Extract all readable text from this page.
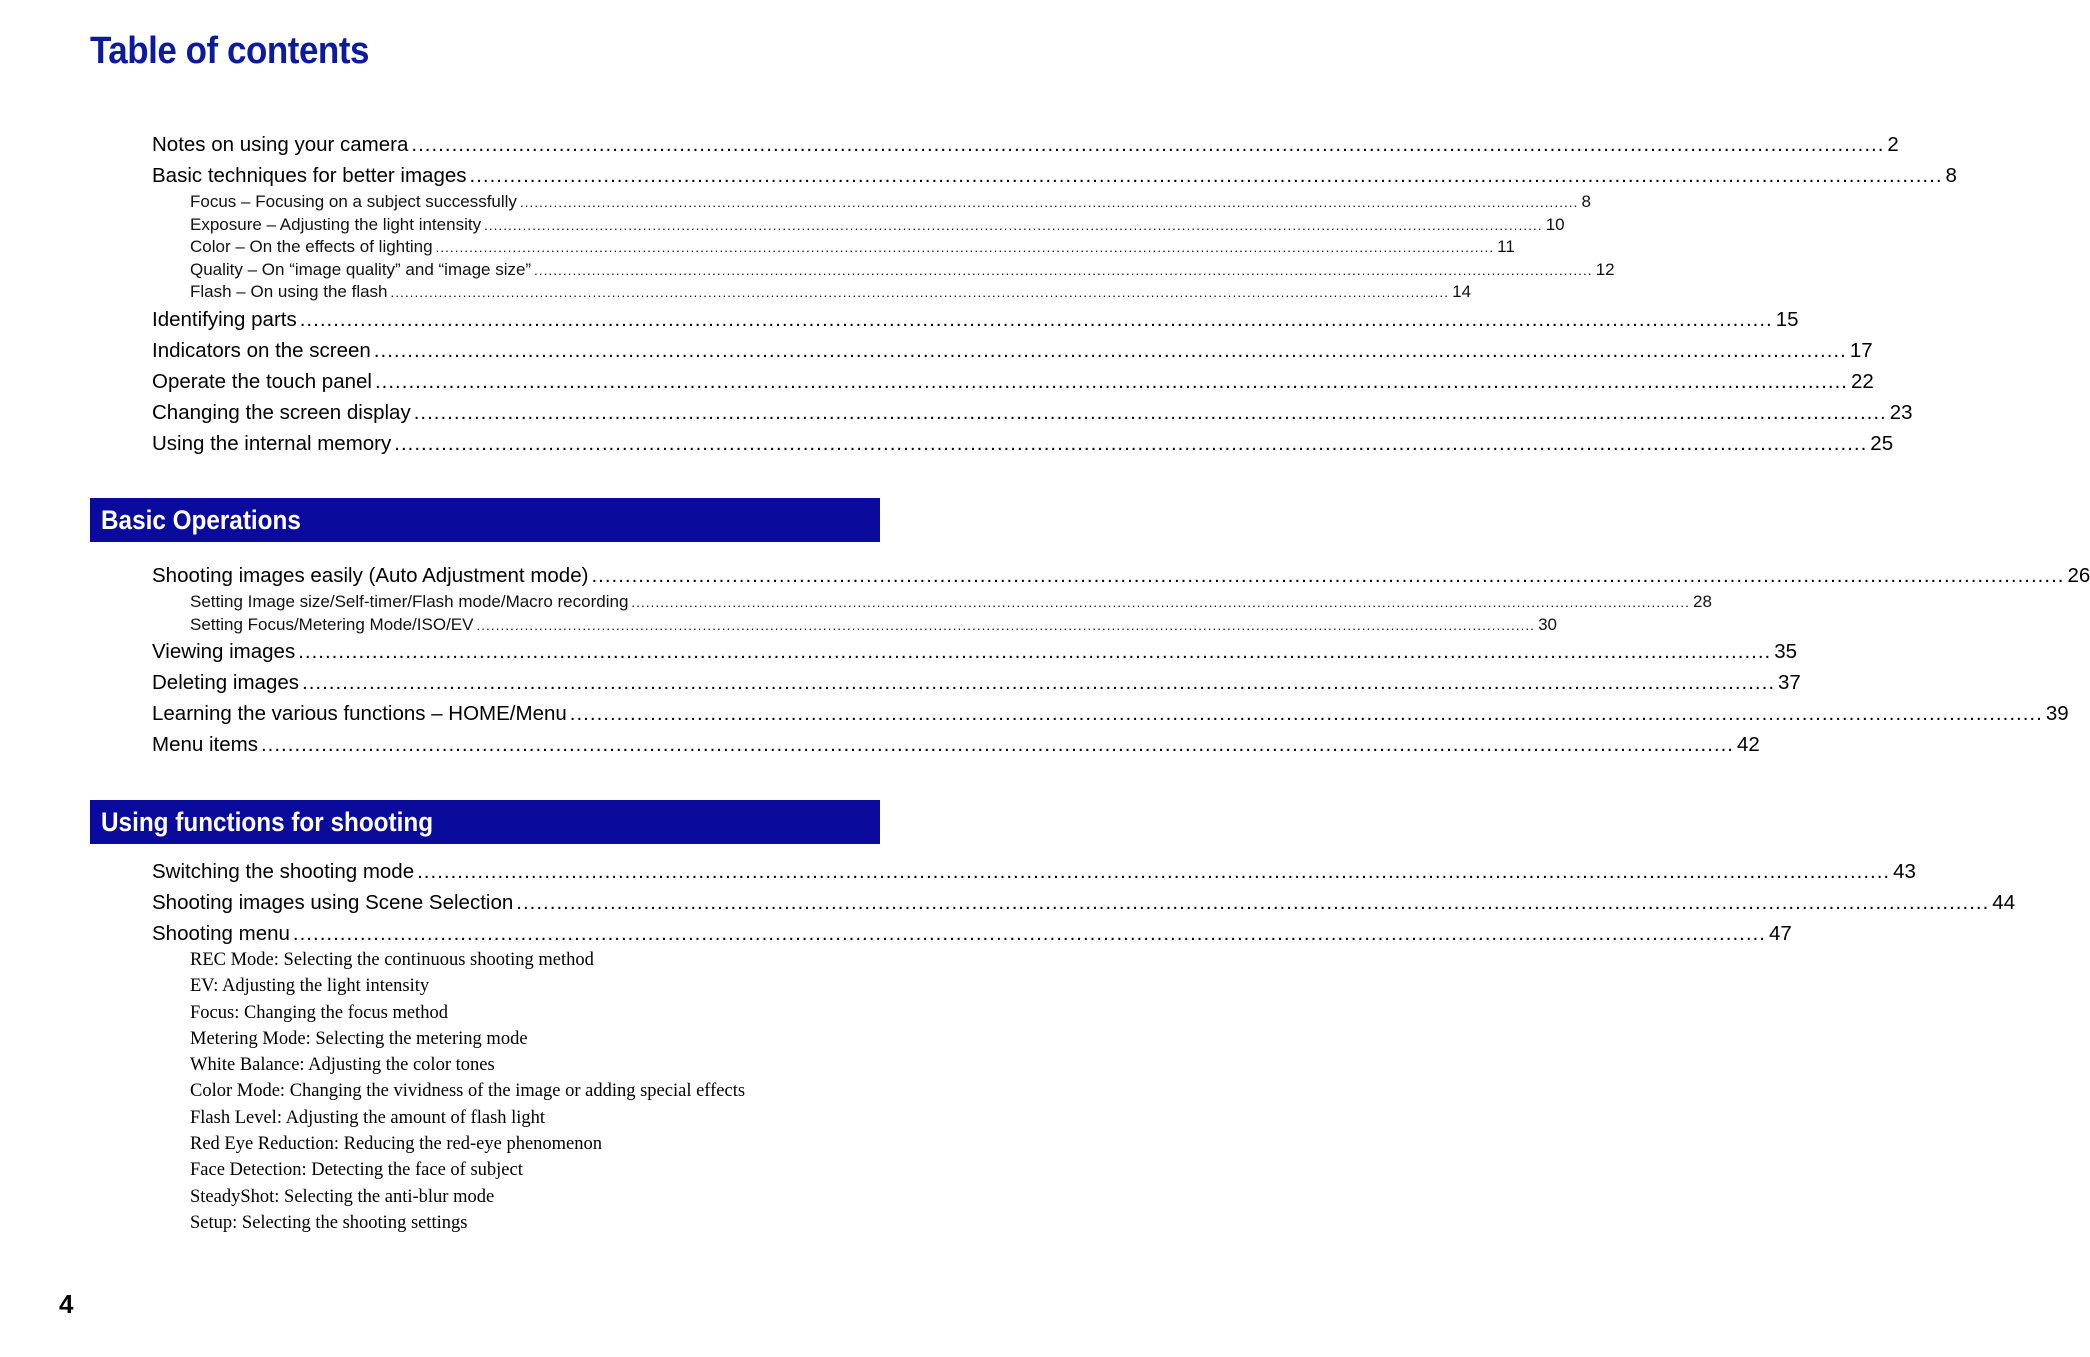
Table of contents
Notes on using your camera ............................................................................................................................................................................................................................ 2
Basic techniques for better images ............................................................................................................................................................................................................................ 8
Focus – Focusing on a subject successfully ............................................................................................................................................................................................................................ 8
Exposure – Adjusting the light intensity ............................................................................................................................................................................................................................ 10
Color – On the effects of lighting ............................................................................................................................................................................................................................ 11
Quality – On “image quality” and “image size” ............................................................................................................................................................................................................................ 12
Flash – On using the flash ............................................................................................................................................................................................................................ 14
Identifying parts ............................................................................................................................................................................................................................ 15
Indicators on the screen ............................................................................................................................................................................................................................ 17
Operate the touch panel ............................................................................................................................................................................................................................ 22
Changing the screen display ............................................................................................................................................................................................................................ 23
Using the internal memory ............................................................................................................................................................................................................................ 25
Basic Operations
Shooting images easily (Auto Adjustment mode) ............................................................................................................................................................................................................................ 26
Setting Image size/Self-timer/Flash mode/Macro recording ............................................................................................................................................................................................................................ 28
Setting Focus/Metering Mode/ISO/EV ............................................................................................................................................................................................................................ 30
Viewing images ............................................................................................................................................................................................................................ 35
Deleting images ............................................................................................................................................................................................................................ 37
Learning the various functions – HOME/Menu ............................................................................................................................................................................................................................ 39
Menu items ............................................................................................................................................................................................................................ 42
Using functions for shooting
Switching the shooting mode ............................................................................................................................................................................................................................ 43
Shooting images using Scene Selection ............................................................................................................................................................................................................................ 44
Shooting menu ............................................................................................................................................................................................................................ 47
REC Mode: Selecting the continuous shooting method
EV: Adjusting the light intensity
Focus: Changing the focus method
Metering Mode: Selecting the metering mode
White Balance: Adjusting the color tones
Color Mode: Changing the vividness of the image or adding special effects
Flash Level: Adjusting the amount of flash light
Red Eye Reduction: Reducing the red-eye phenomenon
Face Detection: Detecting the face of subject
SteadyShot: Selecting the anti-blur mode
Setup: Selecting the shooting settings
4
